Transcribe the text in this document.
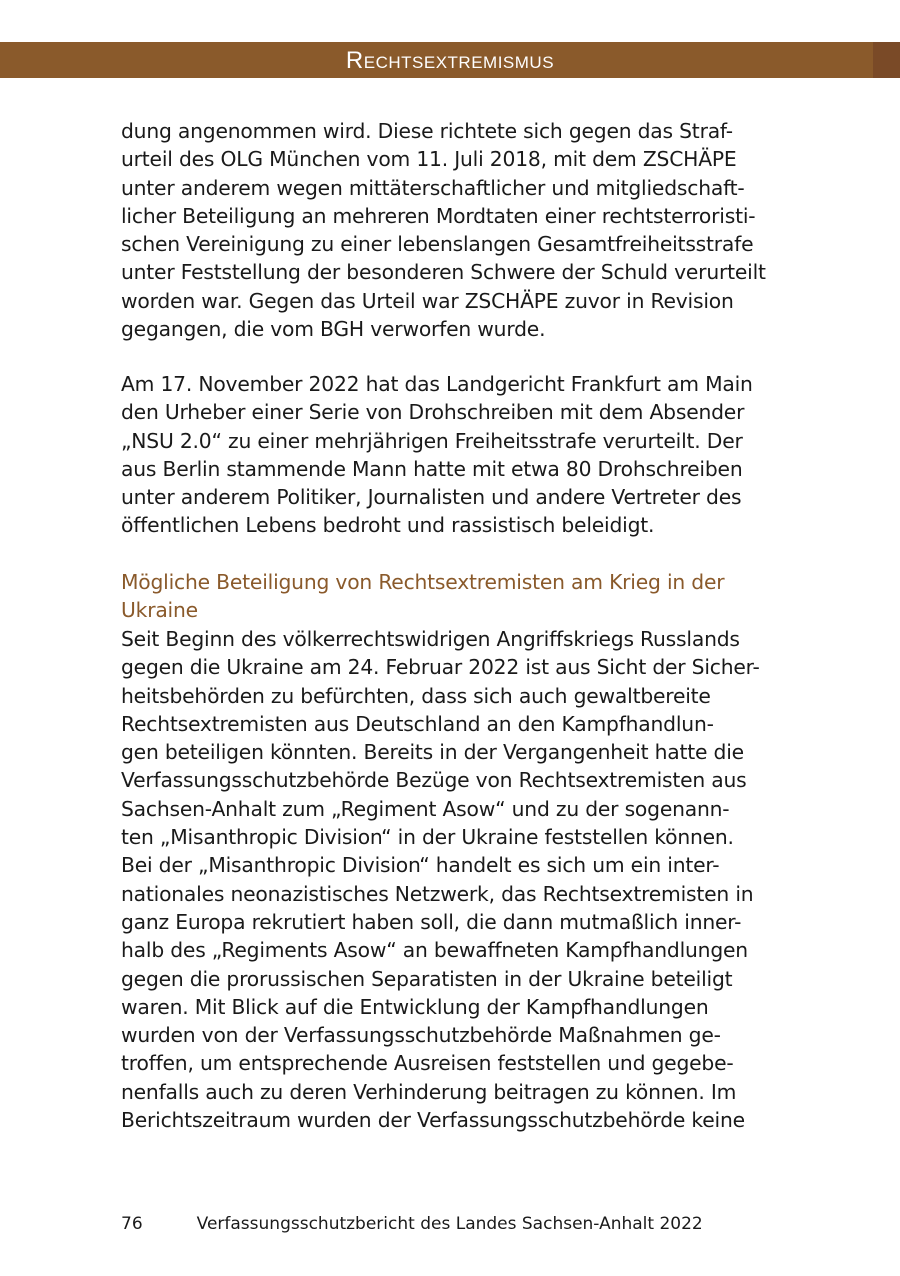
Rechtsextremismus
dung angenommen wird. Diese richtete sich gegen das Straf-
urteil des OLG München vom 11. Juli 2018, mit dem ZSCHÄPE
unter anderem wegen mittäterschaftlicher und mitgliedschaft-
licher Beteiligung an mehreren Mordtaten einer rechtsterroristi-
schen Vereinigung zu einer lebenslangen Gesamtfreiheitsstrafe
unter Feststellung der besonderen Schwere der Schuld verurteilt
worden war. Gegen das Urteil war ZSCHÄPE zuvor in Revision
gegangen, die vom BGH verworfen wurde.
Am 17. November 2022 hat das Landgericht Frankfurt am Main
den Urheber einer Serie von Drohschreiben mit dem Absender
„NSU 2.0“ zu einer mehrjährigen Freiheitsstrafe verurteilt. Der
aus Berlin stammende Mann hatte mit etwa 80 Drohschreiben
unter anderem Politiker, Journalisten und andere Vertreter des
öffentlichen Lebens bedroht und rassistisch beleidigt.
Mögliche Beteiligung von Rechtsextremisten am Krieg in der
Ukraine
Seit Beginn des völkerrechtswidrigen Angriffskriegs Russlands
gegen die Ukraine am 24. Februar 2022 ist aus Sicht der Sicher-
heitsbehörden zu befürchten, dass sich auch gewaltbereite
Rechtsextremisten aus Deutschland an den Kampfhandlun-
gen beteiligen könnten. Bereits in der Vergangenheit hatte die
Verfassungsschutzbehörde Bezüge von Rechtsextremisten aus
Sachsen-Anhalt zum „Regiment Asow“ und zu der sogenann-
ten „Misanthropic Division“ in der Ukraine feststellen können.
Bei der „Misanthropic Division“ handelt es sich um ein inter-
nationales neonazistisches Netzwerk, das Rechtsextremisten in
ganz Europa rekrutiert haben soll, die dann mutmaßlich inner-
halb des „Regiments Asow“ an bewaffneten Kampfhandlungen
gegen die prorussischen Separatisten in der Ukraine beteiligt
waren. Mit Blick auf die Entwicklung der Kampfhandlungen
wurden von der Verfassungsschutzbehörde Maßnahmen ge-
troffen, um entsprechende Ausreisen feststellen und gegebe-
nenfalls auch zu deren Verhinderung beitragen zu können. Im
Berichtszeitraum wurden der Verfassungsschutzbehörde keine
76	Verfassungsschutzbericht des Landes Sachsen-Anhalt 2022
